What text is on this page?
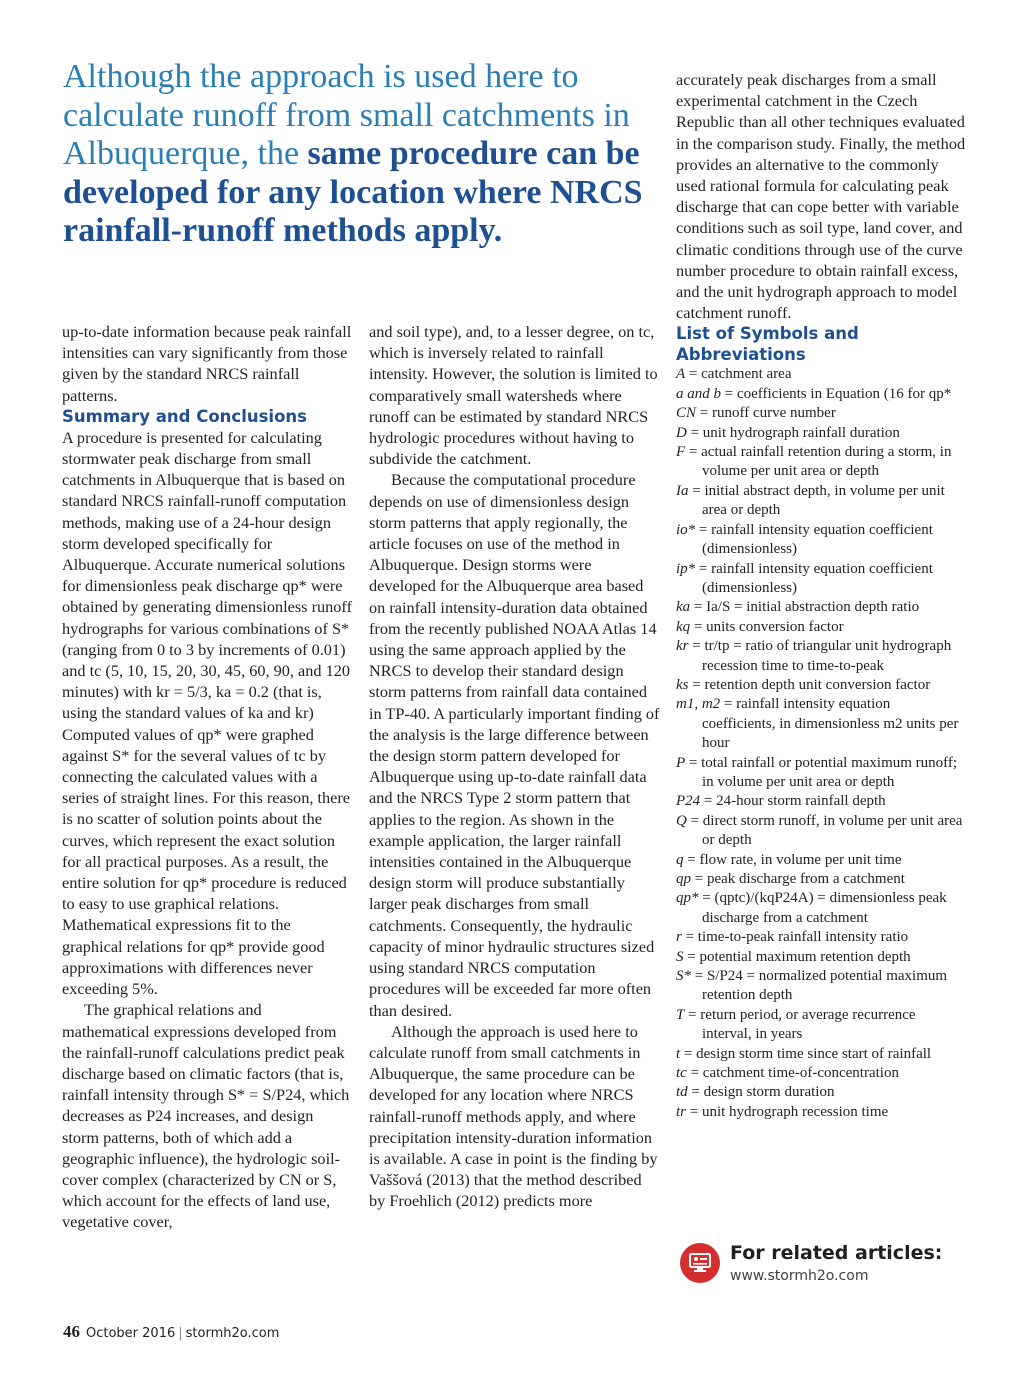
Although the approach is used here to calculate runoff from small catchments in Albuquerque, the same procedure can be developed for any location where NRCS rainfall-runoff methods apply.

up-to-date information because peak rainfall intensities can vary significantly from those given by the standard NRCS rainfall patterns.

Summary and Conclusions

A procedure is presented for calculating stormwater peak discharge from small catchments in Albuquerque that is based on standard NRCS rainfall-runoff computation methods, making use of a 24-hour design storm developed specifically for Albuquerque. Accurate numerical solutions for dimensionless peak discharge qp* were obtained by generating dimensionless runoff hydrographs for various combinations of S* (ranging from 0 to 3 by increments of 0.01) and tc (5, 10, 15, 20, 30, 45, 60, 90, and 120 minutes) with kr = 5/3, ka = 0.2 (that is, using the standard values of ka and kr) Computed values of qp* were graphed against S* for the several values of tc by connecting the calculated values with a series of straight lines. For this reason, there is no scatter of solution points about the curves, which represent the exact solution for all practical purposes. As a result, the entire solution for qp* procedure is reduced to easy to use graphical relations. Mathematical expressions fit to the graphical relations for qp* provide good approximations with differences never exceeding 5%.

The graphical relations and mathematical expressions developed from the rainfall-runoff calculations predict peak discharge based on climatic factors (that is, rainfall intensity through S* = S/P24, which decreases as P24 increases, and design storm patterns, both of which add a geographic influence), the hydrologic soil-cover complex (characterized by CN or S, which account for the effects of land use, vegetative cover,

and soil type), and, to a lesser degree, on tc, which is inversely related to rainfall intensity. However, the solution is limited to comparatively small watersheds where runoff can be estimated by standard NRCS hydrologic procedures without having to subdivide the catchment.

Because the computational procedure depends on use of dimensionless design storm patterns that apply regionally, the article focuses on use of the method in Albuquerque. Design storms were developed for the Albuquerque area based on rainfall intensity-duration data obtained from the recently published NOAA Atlas 14 using the same approach applied by the NRCS to develop their standard design storm patterns from rainfall data contained in TP-40. A particularly important finding of the analysis is the large difference between the design storm pattern developed for Albuquerque using up-to-date rainfall data and the NRCS Type 2 storm pattern that applies to the region. As shown in the example application, the larger rainfall intensities contained in the Albuquerque design storm will produce substantially larger peak discharges from small catchments. Consequently, the hydraulic capacity of minor hydraulic structures sized using standard NRCS computation procedures will be exceeded far more often than desired.

Although the approach is used here to calculate runoff from small catchments in Albuquerque, the same procedure can be developed for any location where NRCS rainfall-runoff methods apply, and where precipitation intensity-duration information is available. A case in point is the finding by Vaššová (2013) that the method described by Froehlich (2012) predicts more

accurately peak discharges from a small experimental catchment in the Czech Republic than all other techniques evaluated in the comparison study. Finally, the method provides an alternative to the commonly used rational formula for calculating peak discharge that can cope better with variable conditions such as soil type, land cover, and climatic conditions through use of the curve number procedure to obtain rainfall excess, and the unit hydrograph approach to model catchment runoff.

List of Symbols and Abbreviations
A = catchment area
a and b = coefficients in Equation (16 for qp*
CN = runoff curve number
D = unit hydrograph rainfall duration
F = actual rainfall retention during a storm, in volume per unit area or depth
Ia = initial abstract depth, in volume per unit area or depth
io* = rainfall intensity equation coefficient (dimensionless)
ip* = rainfall intensity equation coefficient (dimensionless)
ka = Ia/S = initial abstraction depth ratio
kq = units conversion factor
kr = tr/tp = ratio of triangular unit hydrograph recession time to time-to-peak
ks = retention depth unit conversion factor
m1, m2 = rainfall intensity equation coefficients, in dimensionless m2 units per hour
P = total rainfall or potential maximum runoff; in volume per unit area or depth
P24 = 24-hour storm rainfall depth
Q = direct storm runoff, in volume per unit area or depth
q = flow rate, in volume per unit time
qp = peak discharge from a catchment
qp* = (qptc)/(kqP24A) = dimensionless peak discharge from a catchment
r = time-to-peak rainfall intensity ratio
S = potential maximum retention depth
S* = S/P24 = normalized potential maximum retention depth
T = return period, or average recurrence interval, in years
t = design storm time since start of rainfall
tc = catchment time-of-concentration
td = design storm duration
tr = unit hydrograph recession time
For related articles:
www.stormh2o.com
46 October 2016 | stormh2o.com
